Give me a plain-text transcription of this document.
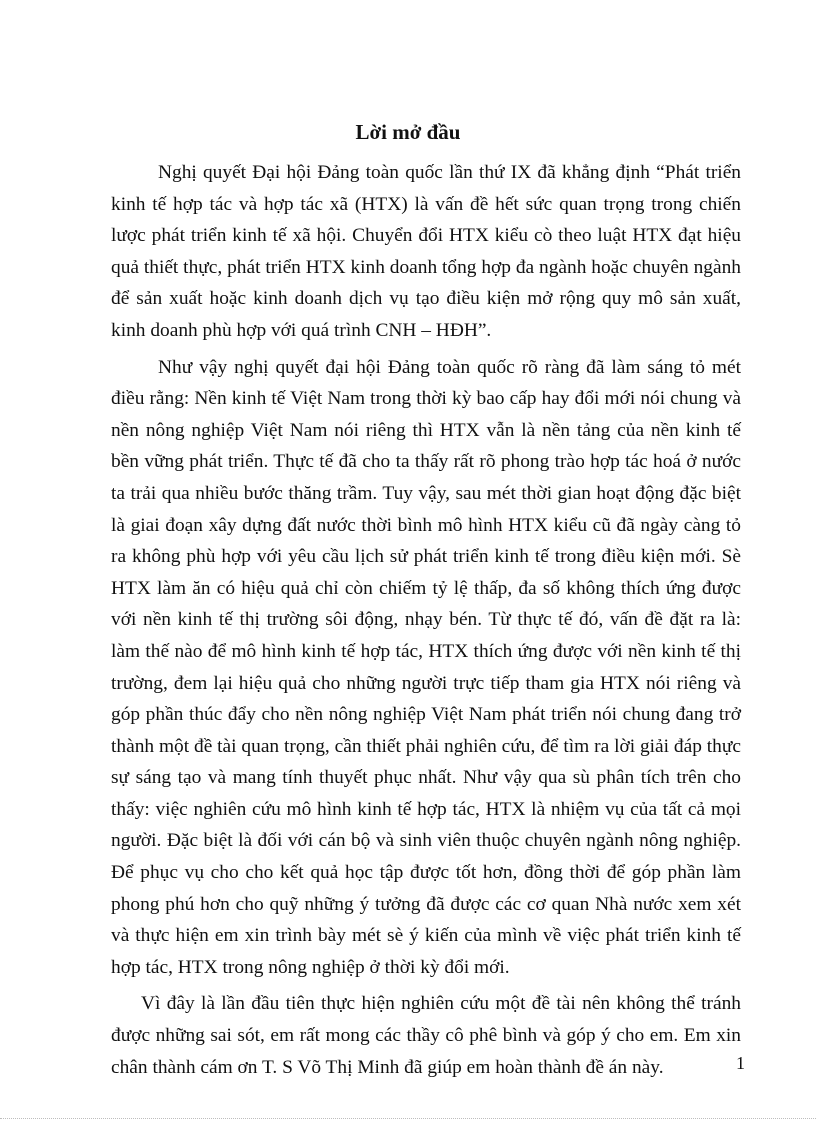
Lời mở đầu

Nghị quyết Đại hội Đảng toàn quốc lần thứ IX đã khẳng định “Phát triển kinh tế hợp tác và hợp tác xã (HTX) là vấn đề hết sức quan trọng trong chiến lược phát triển kinh tế xã hội. Chuyển đổi HTX kiểu cò theo luật HTX đạt hiệu quả thiết thực, phát triển HTX kinh doanh tổng hợp đa ngành hoặc chuyên ngành để sản xuất hoặc kinh doanh dịch vụ tạo điều kiện mở rộng quy mô sản xuất, kinh doanh phù hợp với quá trình CNH – HĐH”.

Như vậy nghị quyết đại hội Đảng toàn quốc rõ ràng đã làm sáng tỏ mét điều rằng: Nền kinh tế Việt Nam trong thời kỳ bao cấp hay đổi mới nói chung và nền nông nghiệp Việt Nam nói riêng thì HTX vẫn là nền tảng của nền kinh tế bền vững phát triển. Thực tế đã cho ta thấy rất rõ phong trào hợp tác hoá ở nước ta trải qua nhiều bước thăng trầm. Tuy vậy, sau mét thời gian hoạt động đặc biệt là giai đoạn xây dựng đất nước thời bình mô hình HTX kiểu cũ đã ngày càng tỏ ra không phù hợp với yêu cầu lịch sử phát triển kinh tế trong điều kiện mới. Sè HTX làm ăn có hiệu quả chỉ còn chiếm tỷ lệ thấp, đa số không thích ứng được với nền kinh tế thị trường sôi động, nhạy bén. Từ thực tế đó, vấn đề đặt ra là: làm thế nào để mô hình kinh tế hợp tác, HTX thích ứng được với nền kinh tế thị trường, đem lại hiệu quả cho những người trực tiếp tham gia HTX nói riêng và góp phần thúc đẩy cho nền nông nghiệp Việt Nam phát triển nói chung đang trở thành một đề tài quan trọng, cần thiết phải nghiên cứu, để tìm ra lời giải đáp thực sự sáng tạo và mang tính thuyết phục nhất. Như vậy qua sù phân tích trên cho thấy: việc nghiên cứu mô hình kinh tế hợp tác, HTX là nhiệm vụ của tất cả mọi người. Đặc biệt là đối với cán bộ và sinh viên thuộc chuyên ngành nông nghiệp. Để phục vụ cho cho kết quả học tập được tốt hơn, đồng thời để góp phần làm phong phú hơn cho quỹ những ý tưởng đã được các cơ quan Nhà nước xem xét và thực hiện em xin trình bày mét sè ý kiến của mình về việc phát triển kinh tế hợp tác, HTX trong nông nghiệp ở thời kỳ đổi mới.

Vì đây là lần đầu tiên thực hiện nghiên cứu một đề tài nên không thể tránh được những sai sót, em rất mong các thầy cô phê bình và góp ý cho em. Em xin chân thành cám ơn T. S Võ Thị Minh đã giúp em hoàn thành đề án này.	1
